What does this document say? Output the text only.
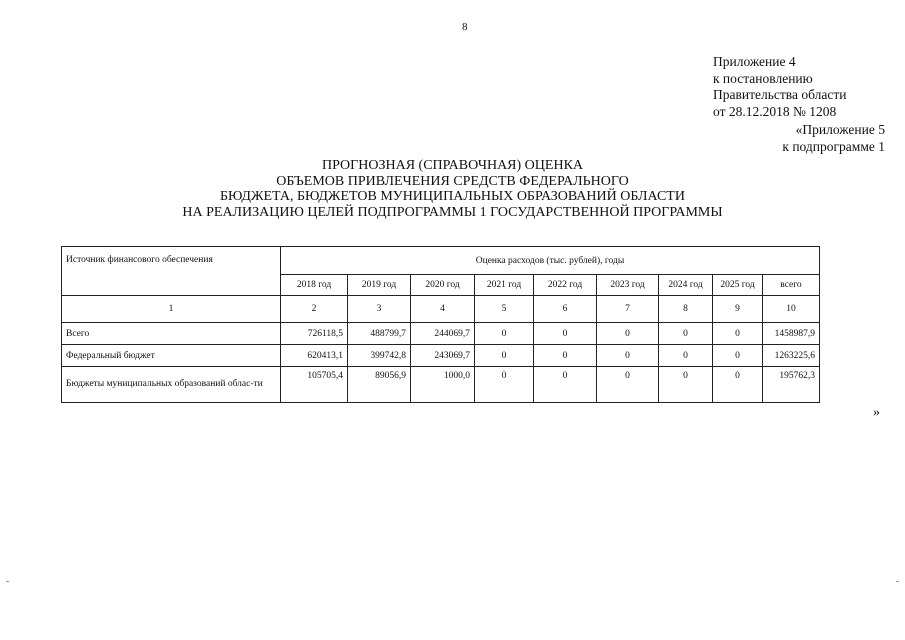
8
Приложение 4
к постановлению
Правительства области
от 28.12.2018 № 1208
«Приложение 5
к подпрограмме 1
ПРОГНОЗНАЯ (СПРАВОЧНАЯ) ОЦЕНКА
ОБЪЕМОВ ПРИВЛЕЧЕНИЯ СРЕДСТВ ФЕДЕРАЛЬНОГО
БЮДЖЕТА, БЮДЖЕТОВ МУНИЦИПАЛЬНЫХ ОБРАЗОВАНИЙ ОБЛАСТИ
НА РЕАЛИЗАЦИЮ ЦЕЛЕЙ ПОДПРОГРАММЫ 1 ГОСУДАРСТВЕННОЙ ПРОГРАММЫ
Источник финансового обеспечения	Оценка расходов (тыс. рублей), годы								
	2018 год	2019 год	2020 год	2021 год	2022 год	2023 год	2024 год	2025 год	всего
1	2	3	4	5	6	7	8	9	10
Всего	726118,5	488799,7	244069,7	0	0	0	0	0	1458987,9
Федеральный бюджет	620413,1	399742,8	243069,7	0	0	0	0	0	1263225,6
Бюджеты муниципальных образований облас-ти	105705,4	89056,9	1000,0	0	0	0	0	0	195762,3
»
